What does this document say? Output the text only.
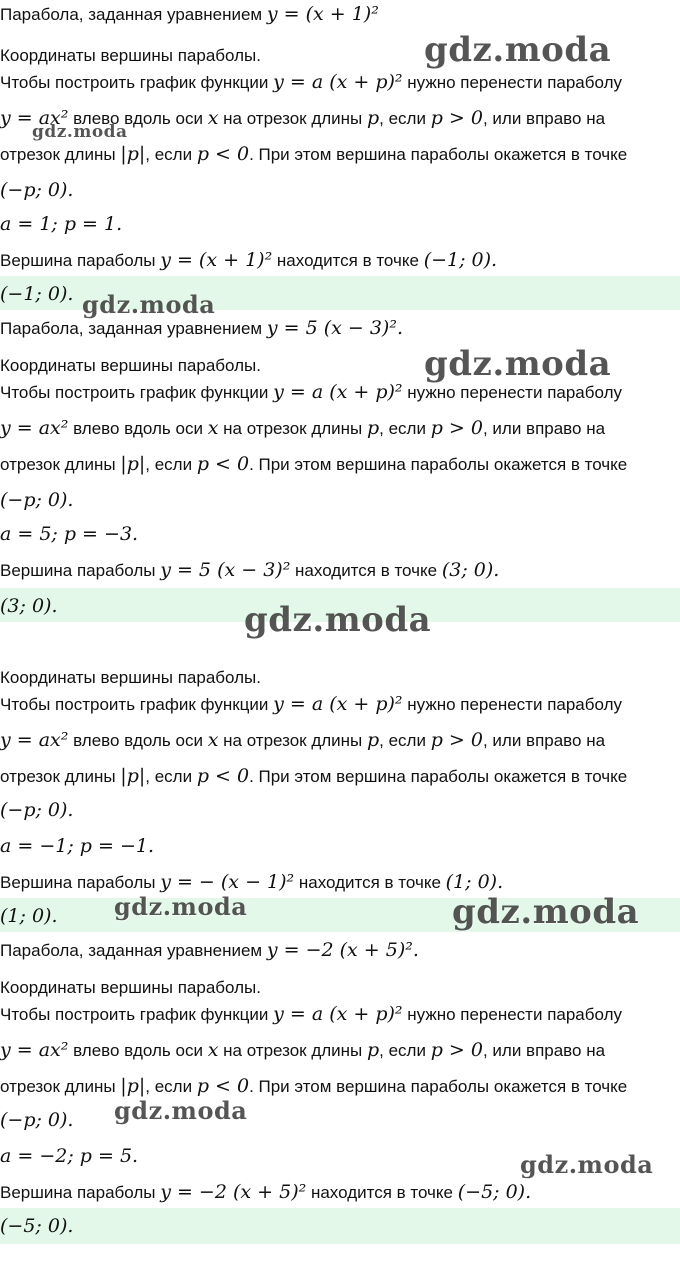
Парабола, заданная уравнением y = (x + 1)²
Координаты вершины параболы.
Чтобы построить график функции y = a (x + p)² нужно перенести параболу
y = ax² влево вдоль оси x на отрезок длины p, если p > 0, или вправо на
отрезок длины |p|, если p < 0. При этом вершина параболы окажется в точке
(−p; 0).
a = 1; p = 1.
Вершина параболы y = (x + 1)² находится в точке (−1; 0).
(−1; 0).
Парабола, заданная уравнением y = 5 (x − 3)².
Координаты вершины параболы.
Чтобы построить график функции y = a (x + p)² нужно перенести параболу
y = ax² влево вдоль оси x на отрезок длины p, если p > 0, или вправо на
отрезок длины |p|, если p < 0. При этом вершина параболы окажется в точке
(−p; 0).
a = 5; p = −3.
Вершина параболы y = 5 (x − 3)² находится в точке (3; 0).
(3; 0).
Координаты вершины параболы.
Чтобы построить график функции y = a (x + p)² нужно перенести параболу
y = ax² влево вдоль оси x на отрезок длины p, если p > 0, или вправо на
отрезок длины |p|, если p < 0. При этом вершина параболы окажется в точке
(−p; 0).
a = −1; p = −1.
Вершина параболы y = − (x − 1)² находится в точке (1; 0).
(1; 0).
Парабола, заданная уравнением y = −2 (x + 5)².
Координаты вершины параболы.
Чтобы построить график функции y = a (x + p)² нужно перенести параболу
y = ax² влево вдоль оси x на отрезок длины p, если p > 0, или вправо на
отрезок длины |p|, если p < 0. При этом вершина параболы окажется в точке
(−p; 0).
a = −2; p = 5.
Вершина параболы y = −2 (x + 5)² находится в точке (−5; 0).
(−5; 0).
gdz.moda
gdz.moda
gdz.moda
gdz.moda
gdz.moda
gdz.moda	gdz.moda
gdz.moda
gdz.moda
